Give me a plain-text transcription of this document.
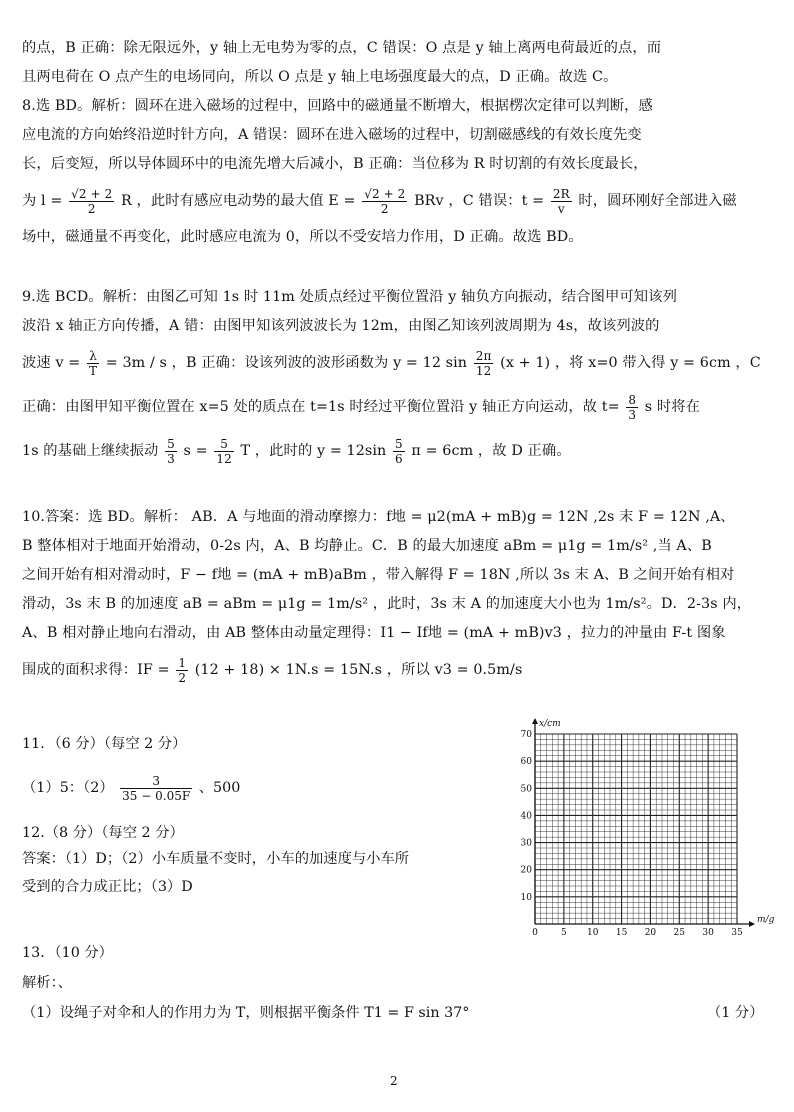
的点，B 正确：除无限远外，y 轴上无电势为零的点，C 错误：O 点是 y 轴上离两电荷最近的点，而
且两电荷在 O 点产生的电场同向，所以 O 点是 y 轴上电场强度最大的点，D 正确。故选 C。
8.选 BD。解析：圆环在进入磁场的过程中，回路中的磁通量不断増大，根据楞次定律可以判断，感
应电流的方向始终沿逆时针方向，A 错误：圆环在进入磁场的过程中，切割磁感线的有效长度先变
长，后变短，所以导体圆环中的电流先增大后减小，B 正确：当位移为 R 时切割的有效长度最长，
为 $l = \frac{√2 + 2}{2}$ R ，此时有感应电动势的最大值 $E = \frac{√2 + 2}{2}$ BRv ，C 错误：$t = \frac{2R}{v}$ 时，圆环刚好全部进入磁
场中，磁通量不再变化，此时感应电流为 0，所以不受安培力作用，D 正确。故选 BD。
9.选 BCD。解析：由图乙可知 1s 时 11m 处质点经过平衡位置沿 y 轴负方向振动，结合图甲可知该列
波沿 x 轴正方向传播，A 错：由图甲知该列波波长为 12m，由图乙知该列波周期为 4s，故该列波的
波速 $v = \frac{\lambda}{T} = 3m / s$ ，B 正确：设该列波的波形函数为 y = 12 $\sin \frac{2\pi}{12} (x + 1)$ ，将 x=0 带入得 y = 6cm ，C
正确：由图甲知平衡位置在 x=5 处的质点在 t=1s 时经过平衡位置沿 y 轴正方向运动，故 $t= \frac{8}{3}$ s 时将在
1s 的基础上继续振动 $\frac{5}{3}$ $s = \frac{5}{12}$ T ，此时的 $y = 12\sin \frac{5}{6}$ π = 6cm ，故 D 正确。
10.答案：选 BD。解析： AB．A 与地面的滑动摩擦力：f地 = μ2(mA + mB)g = 12N ,2s 末 F = 12N ,A、
B 整体相对于地面开始滑动，0-2s 内，A、B 均静止。C．B 的最大加速度 aBm = μ1g = 1m/s² ,当 A、B
之间开始有相对滑动时，F − f地 = (mA + mB)aBm ，带入解得 F = 18N ,所以 3s 末 A、B 之间开始有相对
滑动，3s 末 B 的加速度 aB = aBm = μ1g = 1m/s² ，此时，3s 末 A 的加速度大小也为 1m/s²。D．2-3s 内，
A、B 相对静止地向右滑动，由 AB 整体由动量定理得：I1 − If地 = (mA + mB)v3 ，拉力的冲量由 F-t 图象
围成的面积求得：IF = $\frac{1}{2} (12 + 18) \times 1N.s = 15N.s$ ，所以 v3 = 0.5m/s
11．（6 分）（每空 2 分）
（1）5：$(2) \frac{3}{35 - 0.05F}$ 、500
12.（8 分）（每空 2 分）
答案：（1）D；（2）小车质量不变时，小车的加速度与小车所
受到的合力成正比；（3）D
13．（10 分）
解析：、
（1）设绳子对伞和人的作用力为 T，则根据平衡条件 T1 = F sin 37°	（1 分）
0	5 10 15 20 25 30 35
10
20
30
40
50
60
70
x/cm
m/g
2
